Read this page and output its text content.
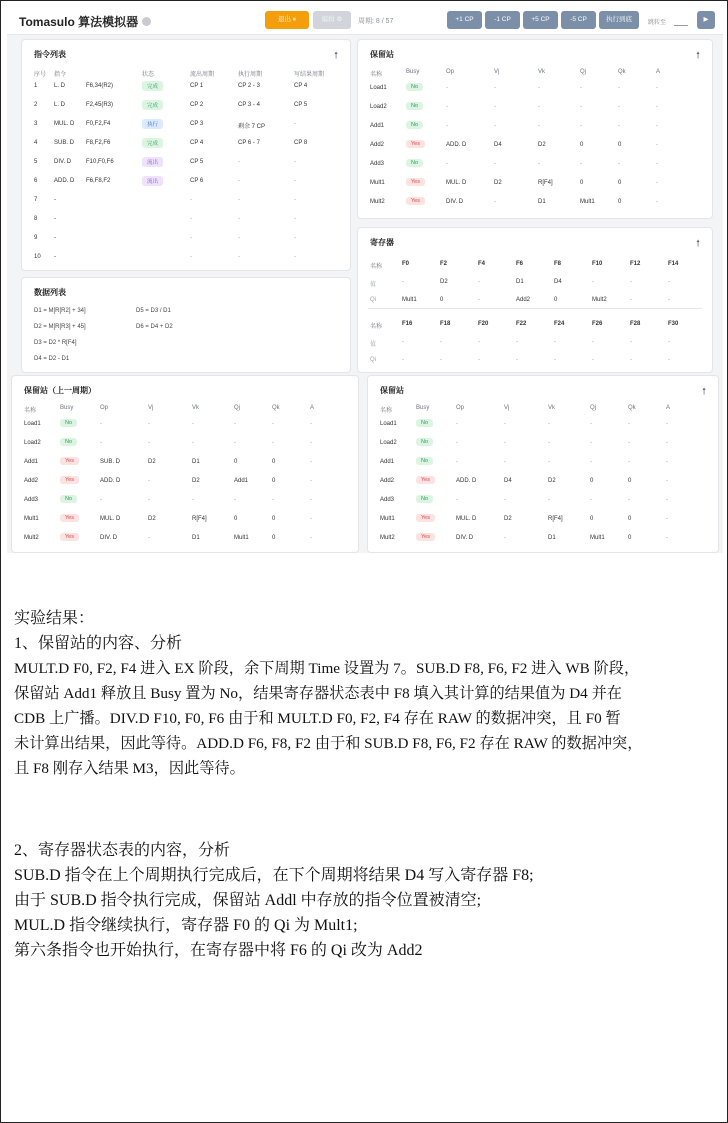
Tomasulo 算法模拟器	退出 ⏸	编辑 ⚙	周期: 8 / 57	+1 CP	-1 CP	+5 CP	-5 CP	执行到底	跳转至	▶
指令列表	🠕
序号 指令	状态	流出周期	执行周期	写结果周期
1	L. D	F6,34(R2)	完成	CP 1	CP 2 - 3	CP 4
2	L. D	F2,45(R3)	完成	CP 2	CP 3 - 4	CP 5
3	MUL. D F0,F2,F4	执行	CP 3	剩余 7 CP	-
4	SUB. D F8,F2,F6	完成	CP 4	CP 6 - 7	CP 8
5	DIV. D F10,F0,F6	流出	CP 5	-	-
6	ADD. D F6,F8,F2	流出	CP 6	-	-
7	-	-	-	-
8	-	-	-	-
9	-	-	-	-
10 -	-	-	-
数据列表
D1 = M[R[R2] + 34]
D2 = M[R[R3] + 45]
D3 = D2 * R[F4]
D4 = D2 - D1
D5 = D3 / D1
D6 = D4 + D2
保留站	🠕
名称	Busy	Op	Vj	Vk	Qj	Qk	A
Load1	No	-	-	-	-	-	-
Load2	No	-	-	-	-	-	-
Add1	No	-	-	-	-	-	-
Add2	Yes	ADD. D	D4	D2	0	0	-
Add3	No	-	-	-	-	-	-
Mult1	Yes	MUL. D	D2	R[F4]	0	0	-
Mult2	Yes	DIV. D	-	D1	Mult1	0	-
寄存器	🠕
名称	F0	F2	F4	F6	F8	F10	F12	F14
值	-	D2	-	D1	D4	-	-	-
Qi	Mult1	0	-	Add2	0	Mult2	-	-
名称	F16	F18	F20	F22	F24	F26	F28	F30
值	-	-	-	-	-	-	-	-
Qi	-	-	-	-	-	-	-	-
保留站（上一周期）
名称	Busy	Op	Vj	Vk	Qj	Qk	A
Load1	No	-	-	-	-	-	-
Load2	No	-	-	-	-	-	-
Add1	Yes	SUB. D	D2	D1	0	0	-
Add2	Yes	ADD. D	-	D2	Add1	0	-
Add3	No	-	-	-	-	-	-
Mult1	Yes	MUL. D	D2	R[F4]	0	0	-
Mult2	Yes	DIV. D	-	D1	Mult1	0	-
保留站	🠕
名称	Busy	Op	Vj	Vk	Qj	Qk	A
Load1	No	-	-	-	-	-	-
Load2	No	-	-	-	-	-	-
Add1	No	-	-	-	-	-	-
Add2	Yes	ADD. D	D4	D2	0	0	-
Add3	No	-	-	-	-	-	-
Mult1	Yes	MUL. D	D2	R[F4]	0	0	-
Mult2	Yes	DIV. D	-	D1	Mult1	0	-
实验结果：
1、保留站的内容、分析
MULT.D F0, F2, F4 进入 EX 阶段，余下周期 Time 设置为 7。SUB.D F8, F6, F2 进入 WB 阶段，
保留站 Add1 释放且 Busy 置为 No，结果寄存器状态表中 F8 填入其计算的结果值为 D4 并在
CDB 上广播。DIV.D F10, F0, F6 由于和 MULT.D F0, F2, F4 存在 RAW 的数据冲突，且 F0 暂
未计算出结果，因此等待。ADD.D F6, F8, F2 由于和 SUB.D F8, F6, F2 存在 RAW 的数据冲突，
且 F8 刚存入结果 M3，因此等待。
2、寄存器状态表的内容，分析
SUB.D 指令在上个周期执行完成后，在下个周期将结果 D4 写入寄存器 F8;
由于 SUB.D 指令执行完成，保留站 Addl 中存放的指令位置被清空;
MUL.D 指令继续执行，寄存器 F0 的 Qi 为 Mult1;
第六条指令也开始执行，在寄存器中将 F6 的 Qi 改为 Add2
